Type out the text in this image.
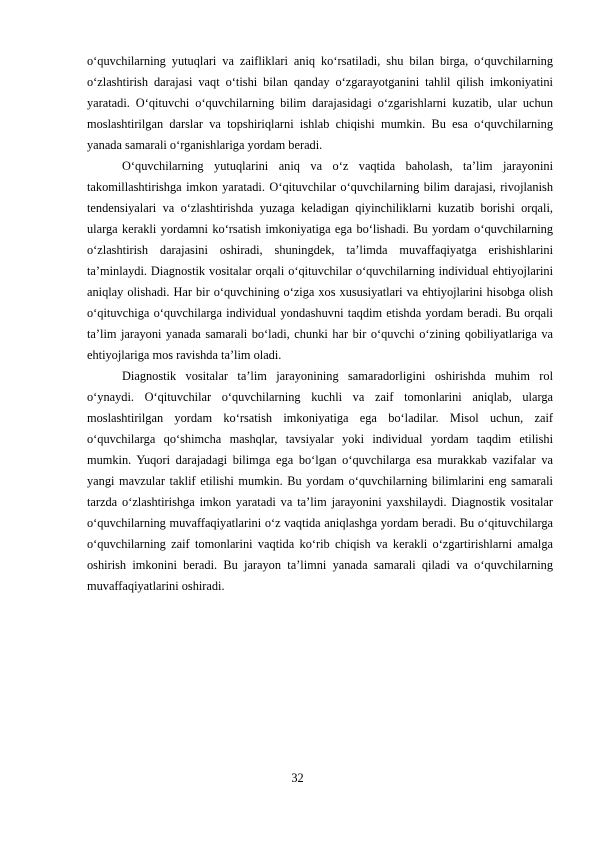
o‘quvchilarning yutuqlari va zaifliklari aniq ko‘rsatiladi, shu bilan birga, o‘quvchilarning o‘zlashtirish darajasi vaqt o‘tishi bilan qanday o‘zgarayotganini tahlil qilish imkoniyatini yaratadi. O‘qituvchi o‘quvchilarning bilim darajasidagi o‘zgarishlarni kuzatib, ular uchun moslashtirilgan darslar va topshiriqlarni ishlab chiqishi mumkin. Bu esa o‘quvchilarning yanada samarali o‘rganishlariga yordam beradi.

O‘quvchilarning yutuqlarini aniq va o‘z vaqtida baholash, ta’lim jarayonini takomillashtirishga imkon yaratadi. O‘qituvchilar o‘quvchilarning bilim darajasi, rivojlanish tendensiyalari va o‘zlashtirishda yuzaga keladigan qiyinchiliklarni kuzatib borishi orqali, ularga kerakli yordamni ko‘rsatish imkoniyatiga ega bo‘lishadi. Bu yordam o‘quvchilarning o‘zlashtirish darajasini oshiradi, shuningdek, ta’limda muvaffaqiyatga erishishlarini ta’minlaydi. Diagnostik vositalar orqali o‘qituvchilar o‘quvchilarning individual ehtiyojlarini aniqlay olishadi. Har bir o‘quvchining o‘ziga xos xususiyatlari va ehtiyojlarini hisobga olish o‘qituvchiga o‘quvchilarga individual yondashuvni taqdim etishda yordam beradi. Bu orqali ta’lim jarayoni yanada samarali bo‘ladi, chunki har bir o‘quvchi o‘zining qobiliyatlariga va ehtiyojlariga mos ravishda ta’lim oladi.

Diagnostik vositalar ta’lim jarayonining samaradorligini oshirishda muhim rol o‘ynaydi. O‘qituvchilar o‘quvchilarning kuchli va zaif tomonlarini aniqlab, ularga moslashtirilgan yordam ko‘rsatish imkoniyatiga ega bo‘ladilar. Misol uchun, zaif o‘quvchilarga qo‘shimcha mashqlar, tavsiyalar yoki individual yordam taqdim etilishi mumkin. Yuqori darajadagi bilimga ega bo‘lgan o‘quvchilarga esa murakkab vazifalar va yangi mavzular taklif etilishi mumkin. Bu yordam o‘quvchilarning bilimlarini eng samarali tarzda o‘zlashtirishga imkon yaratadi va ta’lim jarayonini yaxshilaydi. Diagnostik vositalar o‘quvchilarning muvaffaqiyatlarini o‘z vaqtida aniqlashga yordam beradi. Bu o‘qituvchilarga o‘quvchilarning zaif tomonlarini vaqtida ko‘rib chiqish va kerakli o‘zgartirishlarni amalga oshirish imkonini beradi. Bu jarayon ta’limni yanada samarali qiladi va o‘quvchilarning muvaffaqiyatlarini oshiradi.

32
